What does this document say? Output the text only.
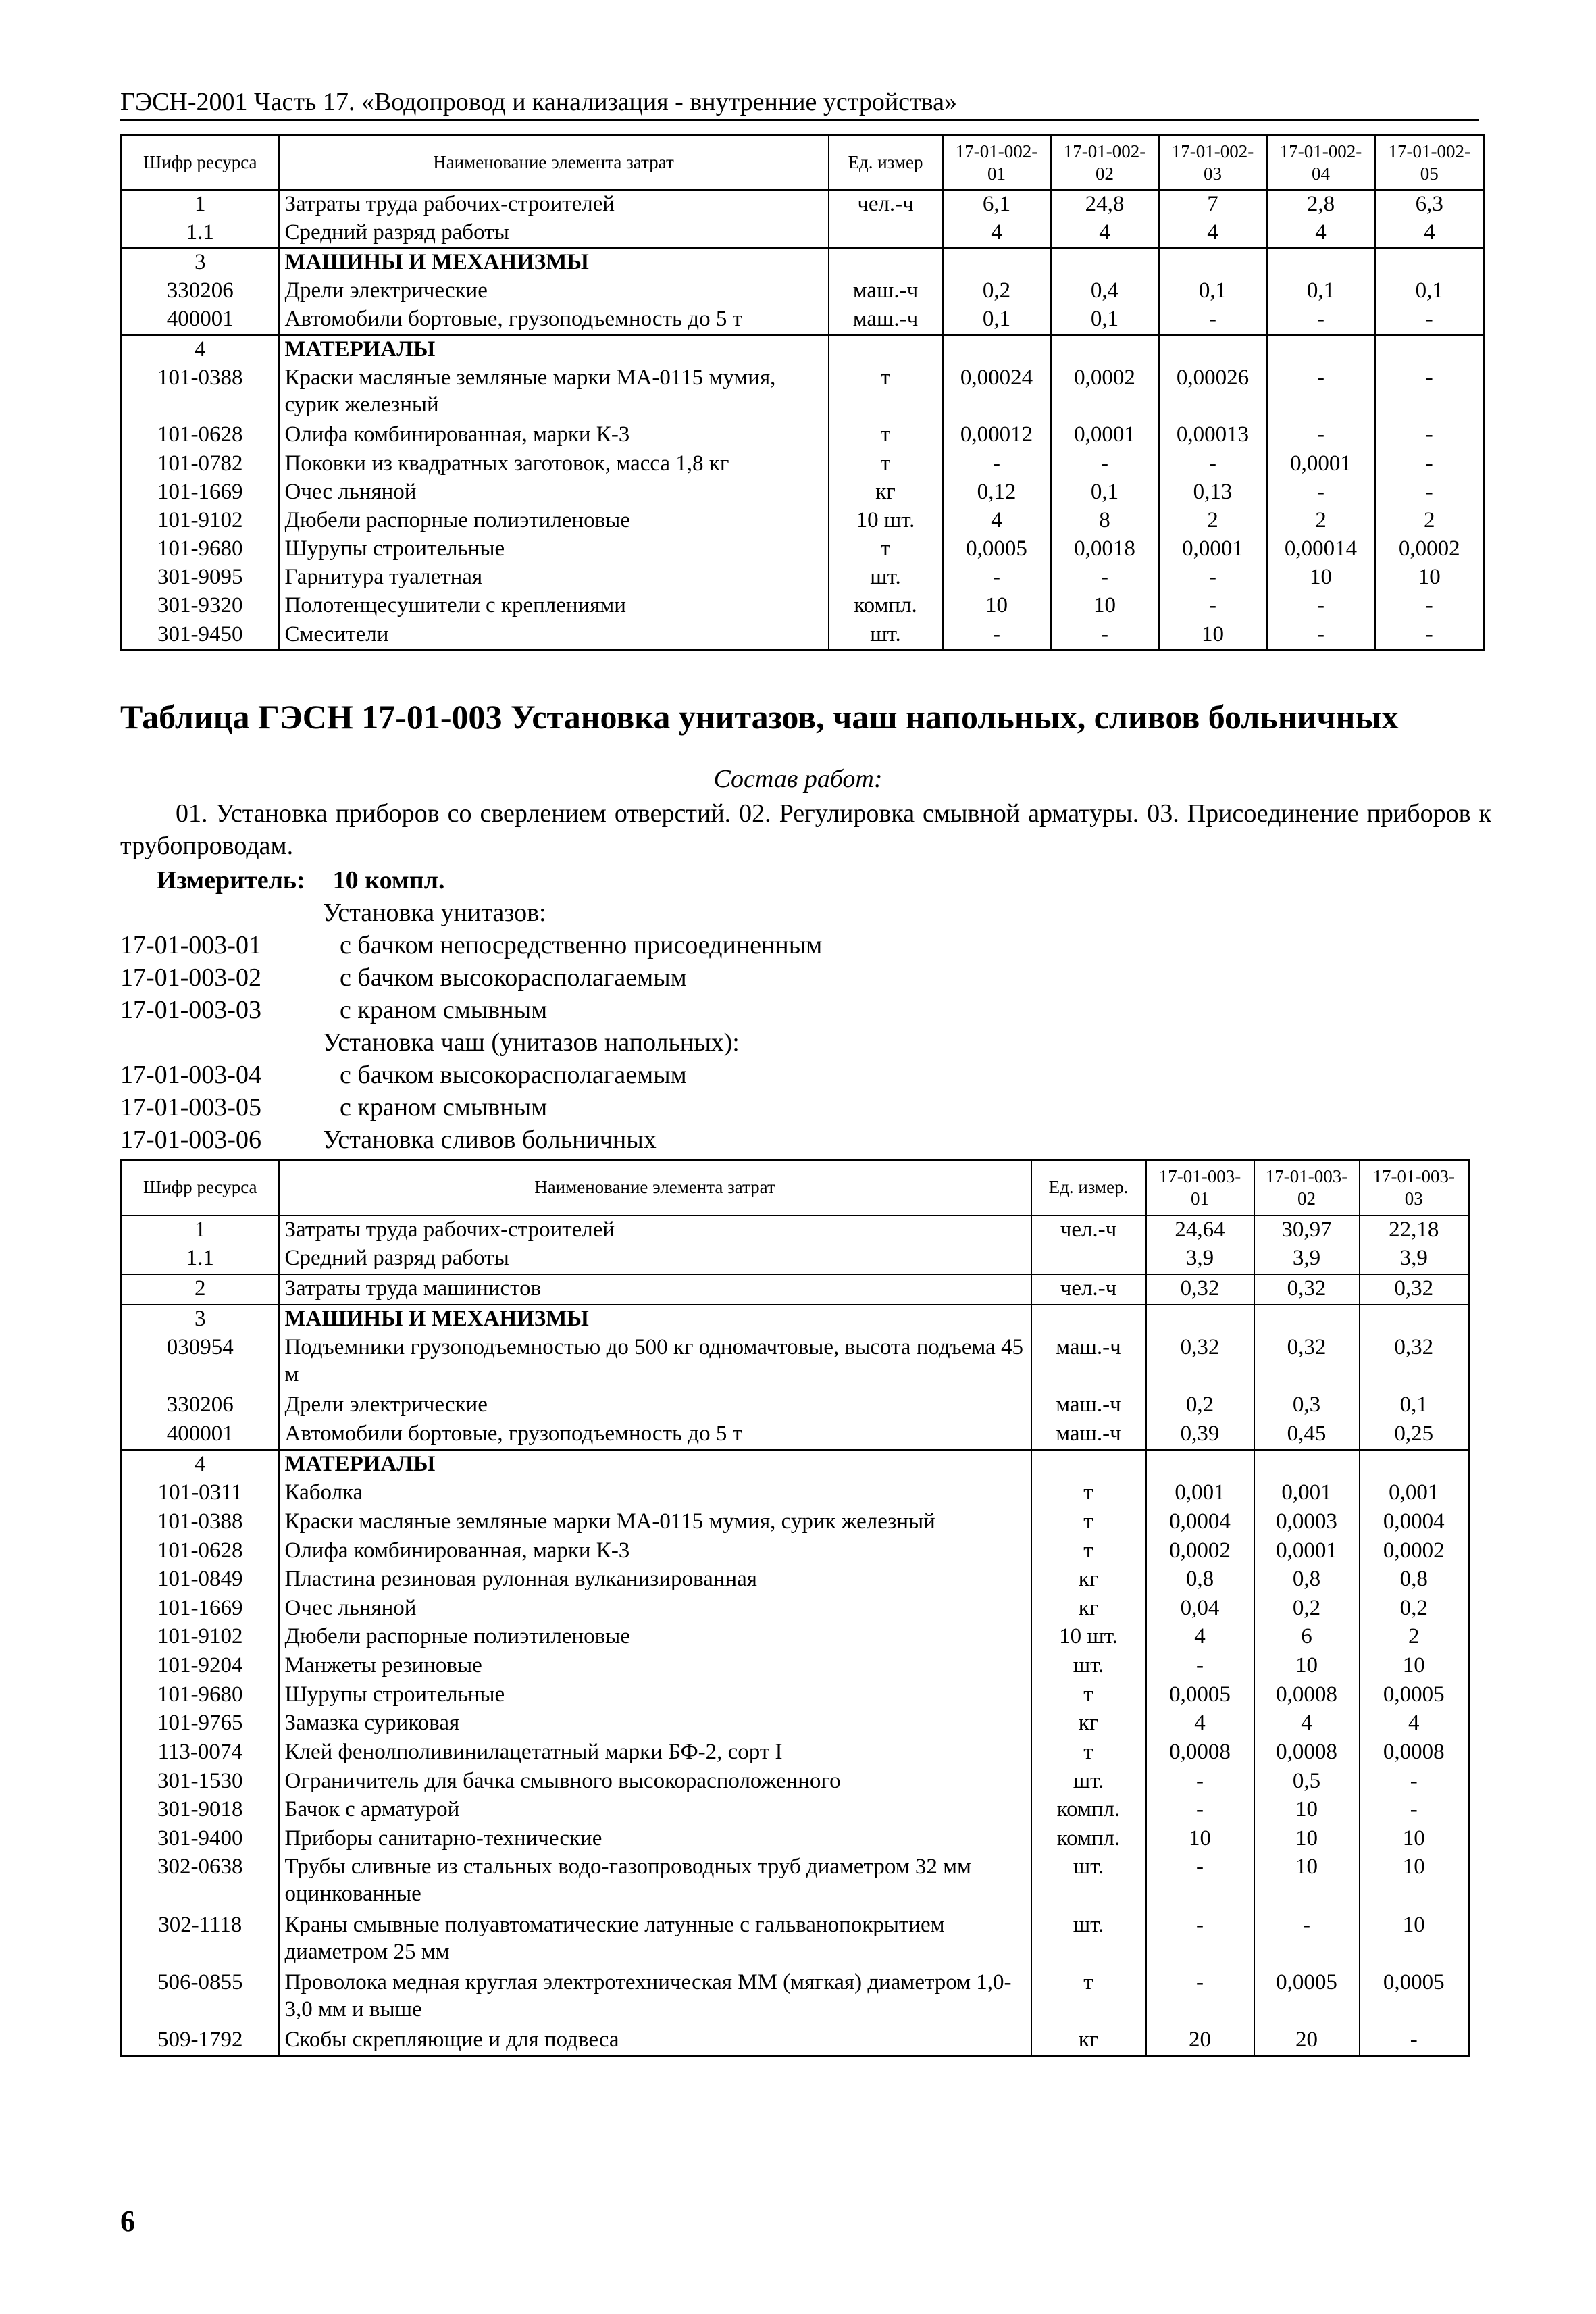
ГЭСН-2001 Часть 17. «Водопровод и канализация - внутренние устройства»
Шифр ресурса	Наименование элемента затрат	Ед. измер	17-01-002-01	17-01-002-02	17-01-002-03	17-01-002-04	17-01-002-05
1	Затраты труда рабочих-строителей	чел.-ч	6,1	24,8	7	2,8	6,3
1.1	Средний разряд работы		4	4	4	4	4
3	МАШИНЫ И МЕХАНИЗМЫ						
330206	Дрели электрические	маш.-ч	0,2	0,4	0,1	0,1	0,1
400001	Автомобили бортовые, грузоподъемность до 5 т	маш.-ч	0,1	0,1	-	-	-
4	МАТЕРИАЛЫ						
101-0388	Краски масляные земляные марки МА-0115 мумия, сурик железный	т	0,00024	0,0002	0,00026	-	-
101-0628	Олифа комбинированная, марки К-3	т	0,00012	0,0001	0,00013	-	-
101-0782	Поковки из квадратных заготовок, масса 1,8 кг	т	-	-	-	0,0001	-
101-1669	Очес льняной	кг	0,12	0,1	0,13	-	-
101-9102	Дюбели распорные полиэтиленовые	10 шт.	4	8	2	2	2
101-9680	Шурупы строительные	т	0,0005	0,0018	0,0001	0,00014	0,0002
301-9095	Гарнитура туалетная	шт.	-	-	-	10	10
301-9320	Полотенцесушители с креплениями	компл.	10	10	-	-	-
301-9450	Смесители	шт.	-	-	10	-	-
Таблица ГЭСН 17-01-003 Установка унитазов, чаш напольных, сливов больничных
Состав работ:
01. Установка приборов со сверлением отверстий. 02. Регулировка смывной арматуры. 03. Присоединение приборов к трубопроводам.
Измеритель: 10 компл.
Установка унитазов:
17-01-003-01	с бачком непосредственно присоединенным
17-01-003-02	с бачком высокорасполагаемым
17-01-003-03	с краном смывным
Установка чаш (унитазов напольных):
17-01-003-04	с бачком высокорасполагаемым
17-01-003-05	с краном смывным
17-01-003-06 Установка сливов больничных
Шифр ресурса	Наименование элемента затрат	Ед. измер.	17-01-003-01	17-01-003-02	17-01-003-03
1	Затраты труда рабочих-строителей	чел.-ч	24,64	30,97	22,18
1.1	Средний разряд работы		3,9	3,9	3,9
2	Затраты труда машинистов	чел.-ч	0,32	0,32	0,32
3	МАШИНЫ И МЕХАНИЗМЫ				
030954	Подъемники грузоподъемностью до 500 кг одномачтовые, высота подъема 45 м	маш.-ч	0,32	0,32	0,32
330206	Дрели электрические	маш.-ч	0,2	0,3	0,1
400001	Автомобили бортовые, грузоподъемность до 5 т	маш.-ч	0,39	0,45	0,25
4	МАТЕРИАЛЫ				
101-0311	Каболка	т	0,001	0,001	0,001
101-0388	Краски масляные земляные марки МА-0115 мумия, сурик железный	т	0,0004	0,0003	0,0004
101-0628	Олифа комбинированная, марки К-3	т	0,0002	0,0001	0,0002
101-0849	Пластина резиновая рулонная вулканизированная	кг	0,8	0,8	0,8
101-1669	Очес льняной	кг	0,04	0,2	0,2
101-9102	Дюбели распорные полиэтиленовые	10 шт.	4	6	2
101-9204	Манжеты резиновые	шт.	-	10	10
101-9680	Шурупы строительные	т	0,0005	0,0008	0,0005
101-9765	Замазка суриковая	кг	4	4	4
113-0074	Клей фенолполивинилацетатный марки БФ-2, сорт I	т	0,0008	0,0008	0,0008
301-1530	Ограничитель для бачка смывного высокорасположенного	шт.	-	0,5	-
301-9018	Бачок с арматурой	компл.	-	10	-
301-9400	Приборы санитарно-технические	компл.	10	10	10
302-0638	Трубы сливные из стальных водо-газопроводных труб диаметром 32 мм оцинкованные	шт.	-	10	10
302-1118	Краны смывные полуавтоматические латунные с гальванопокрытием диаметром 25 мм	шт.	-	-	10
506-0855	Проволока медная круглая электротехническая ММ (мягкая) диаметром 1,0-3,0 мм и выше	т	-	0,0005	0,0005
509-1792	Скобы скрепляющие и для подвеса	кг	20	20	-
6
